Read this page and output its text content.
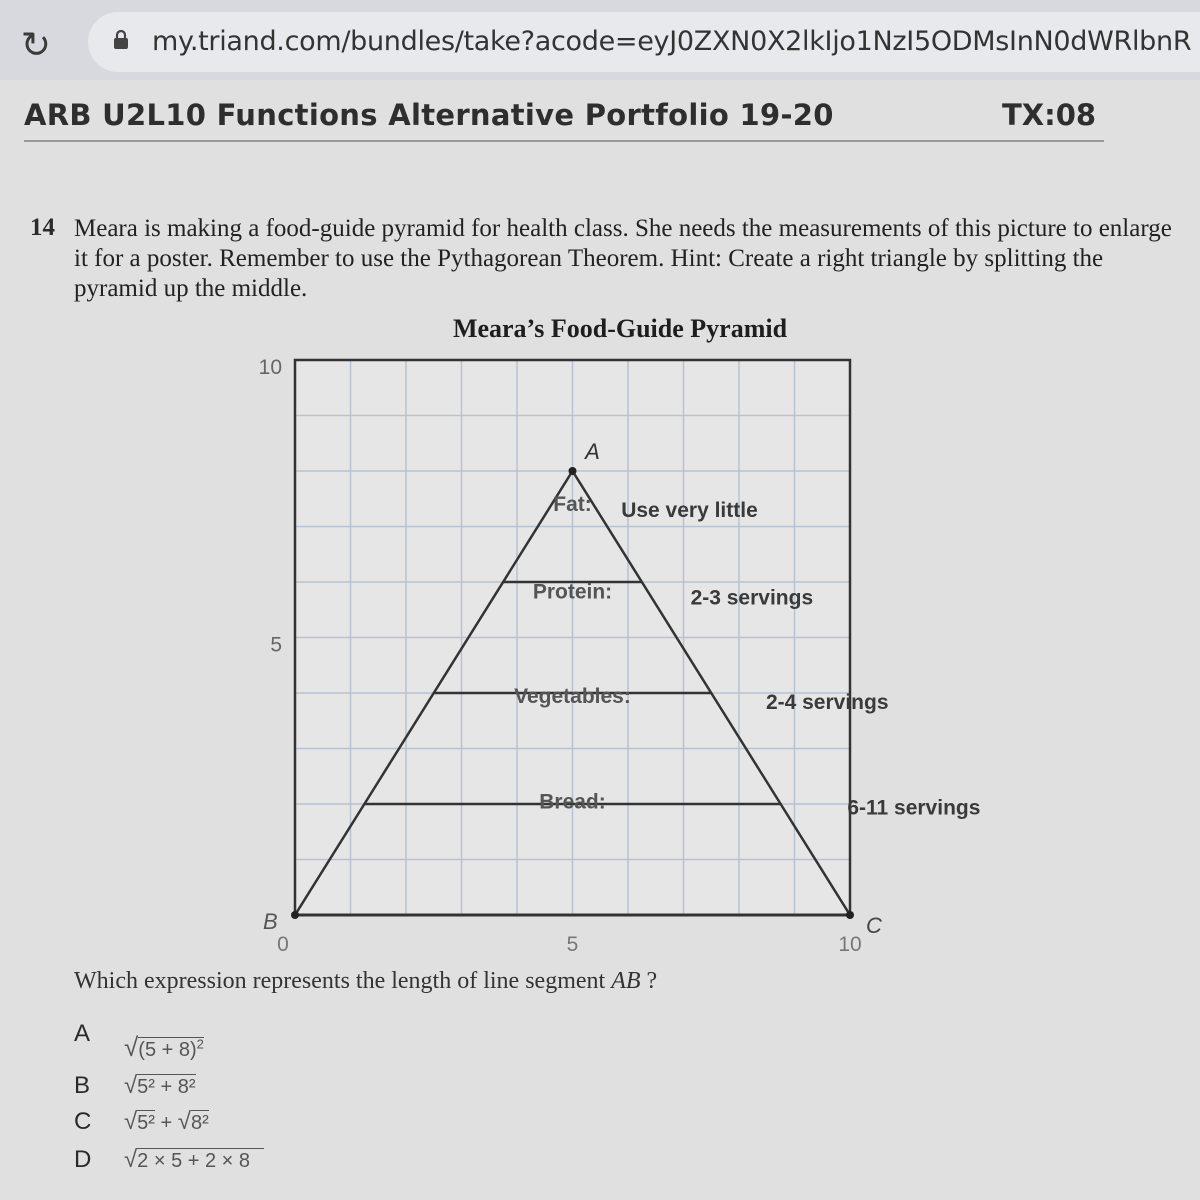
↻	my.triand.com/bundles/take?acode=eyJ0ZXN0X2lkIjo1NzI5ODMsInN0dWRlbnR
ARB U2L10 Functions Alternative Portfolio 19-20	TX:08
14 Meara is making a food-guide pyramid for health class. She needs the measurements of this picture to enlarge it for a poster. Remember to use the Pythagorean Theorem. Hint: Create a right triangle by splitting the pyramid up the middle.
Meara’s Food-Guide Pyramid
0	5	10
5
10
A
B	C
Fat: Use very little
Protein:	2-3 servings
Vegetables:	2-4 servings
Bread:	6-11 servings
Which expression represents the length of line segment AB ?
A $√(5 + 8)^2$
B √5² + 8²
C √5² + √8²
D √2 × 5 + 2 × 8
